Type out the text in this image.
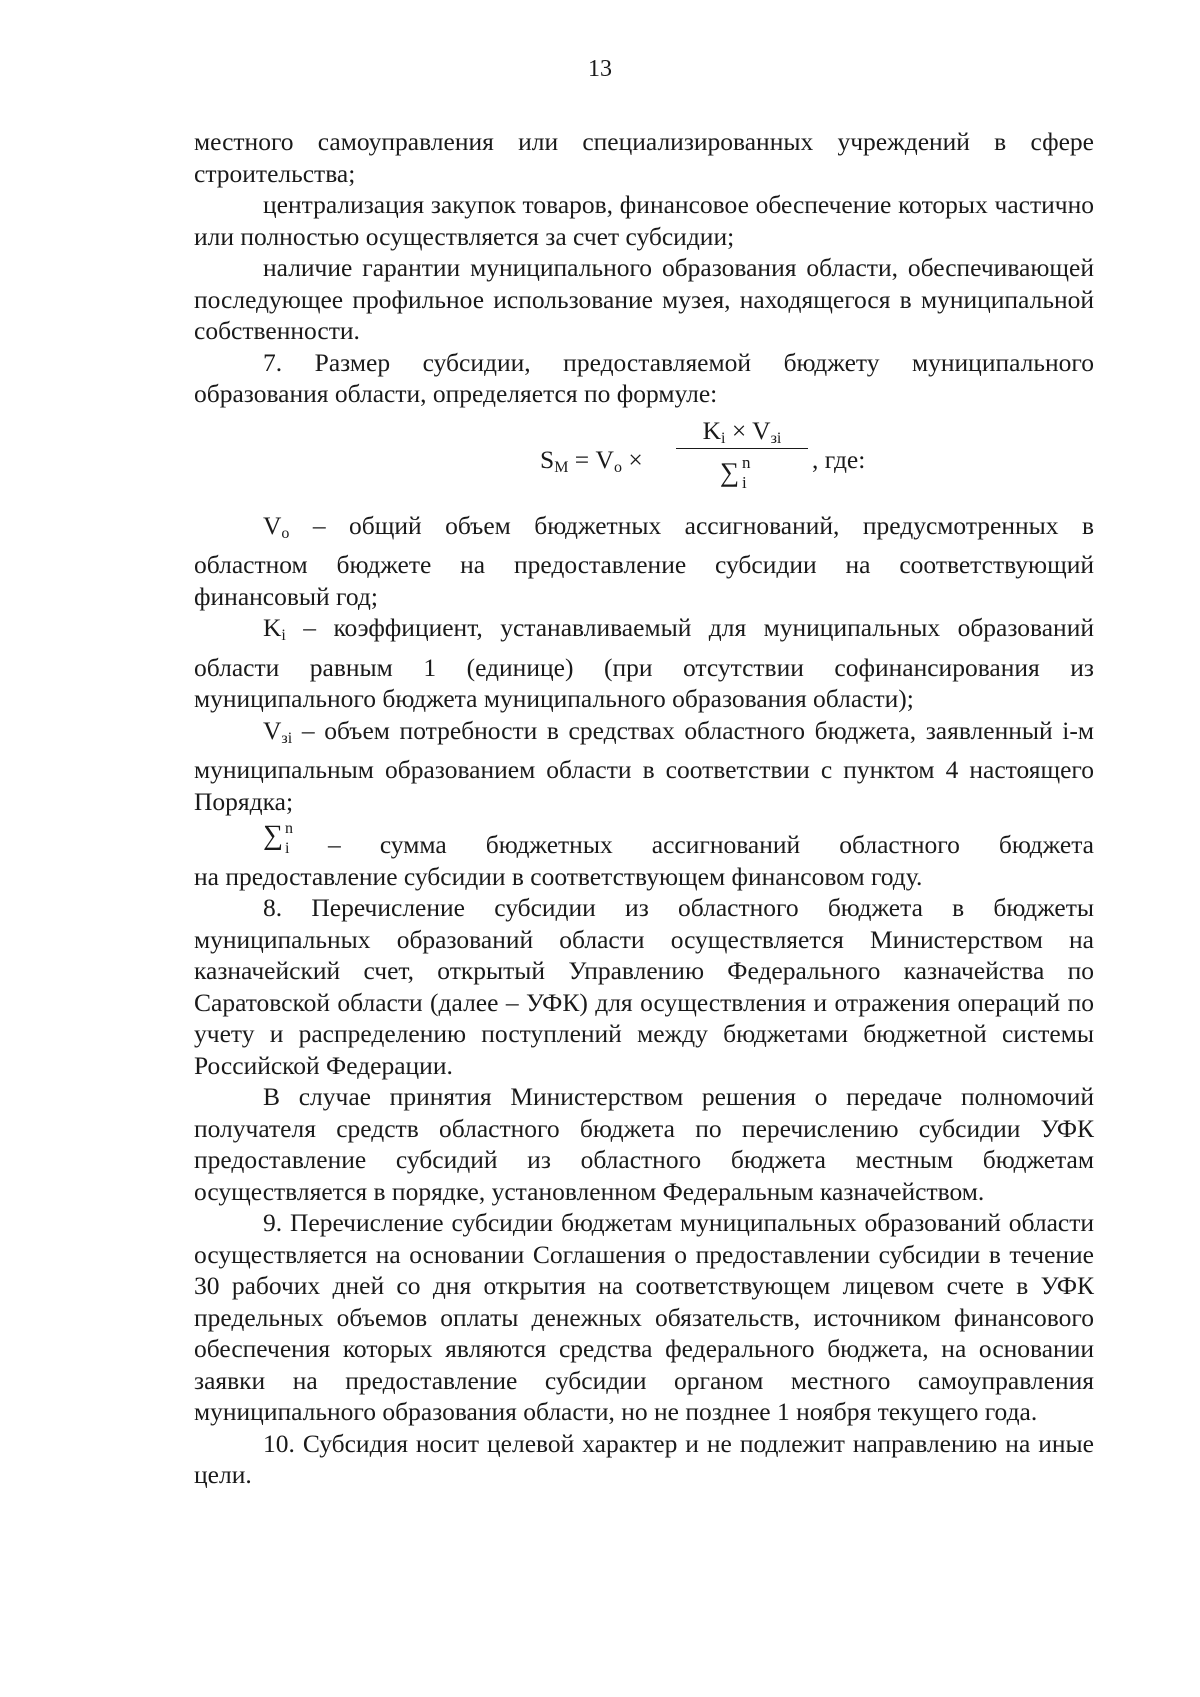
13

местного самоуправления или специализированных учреждений в сфере строительства;

централизация закупок товаров, финансовое обеспечение которых частично или полностью осуществляется за счет субсидии;

наличие гарантии муниципального образования области, обеспечивающей последующее профильное использование музея, находящегося в муниципальной собственности.

7. Размер субсидии, предоставляемой бюджету муниципального образования области, определяется по формуле:

SМ = Vо ×
Ki × Vзi
∑ n
i
, где:

Vо – общий объем бюджетных ассигнований, предусмотренных в областном бюджете на предоставление субсидии на соответствующий финансовый год;

Ki – коэффициент, устанавливаемый для муниципальных образований области равным 1 (единице) (при отсутствии софинансирования из муниципального бюджета муниципального образования области);

Vзi – объем потребности в средствах областного бюджета, заявленный i-м муниципальным образованием области в соответствии с пунктом 4 настоящего Порядка;

∑ n
i	– сумма бюджетных ассигнований областного бюджета

на предоставление субсидии в соответствующем финансовом году.

8. Перечисление субсидии из областного бюджета в бюджеты муниципальных образований области осуществляется Министерством на казначейский счет, открытый Управлению Федерального казначейства по Саратовской области (далее – УФК) для осуществления и отражения операций по учету и распределению поступлений между бюджетами бюджетной системы Российской Федерации.

В случае принятия Министерством решения о передаче полномочий получателя средств областного бюджета по перечислению субсидии УФК предоставление субсидий из областного бюджета местным бюджетам осуществляется в порядке, установленном Федеральным казначейством.

9. Перечисление субсидии бюджетам муниципальных образований области осуществляется на основании Соглашения о предоставлении субсидии в течение 30 рабочих дней со дня открытия на соответствующем лицевом счете в УФК предельных объемов оплаты денежных обязательств, источником финансового обеспечения которых являются средства федерального бюджета, на основании заявки на предоставление субсидии органом местного самоуправления муниципального образования области, но не позднее 1 ноября текущего года.

10. Субсидия носит целевой характер и не подлежит направлению на иные цели.
